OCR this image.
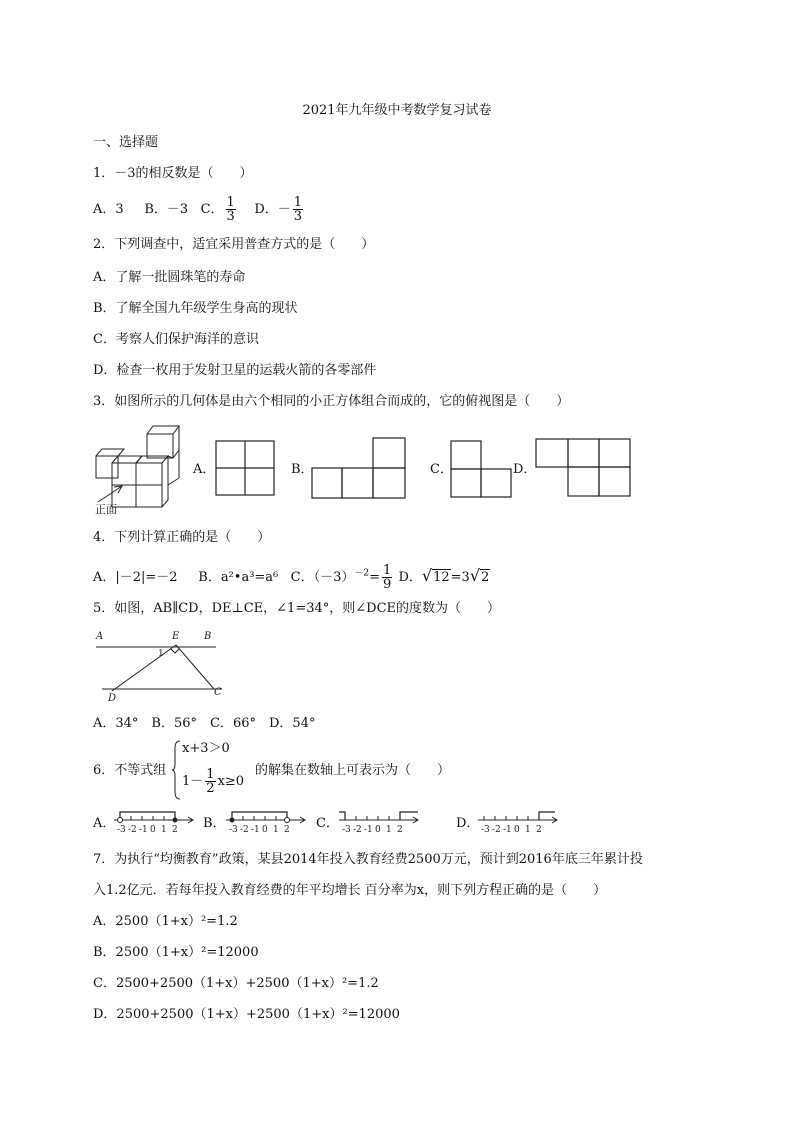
2021年九年级中考数学复习试卷
一、选择题
1．－3的相反数是（　　）
A．3 B．－3 C． $\frac{1}{3}$ D．－ $\frac{1}{3}$
2．下列调查中，适宜采用普查方式的是（　　）
A．了解一批圆珠笔的寿命
B．了解全国九年级学生身高的现状
C．考察人们保护海洋的意识
D．检查一枚用于发射卫星的运载火箭的各零部件
3．如图所示的几何体是由六个相同的小正方体组合而成的，它的俯视图是（　　）
正面
A．	B．	C．	D．
4．下列计算正确的是（　　）
A．|－2|=－2 B．a²•a³=a⁶ C．$(-3)^{-2}= \frac{1}{9}$ D．√12=3√2
5．如图，AB∥CD，DE⊥CE，∠1=34°，则∠DCE的度数为（　　）
A	E B
1
D
C
A．34°　B．56°　C．66°　D．54°
6．不等式组
x+3＞0
$1- \frac{1}{2} x\ge 0$
的解集在数轴上可表示为（　　）
A． -3 -2 -1 0 1 2 B． -3 -2 -1 0 1 2 C． -3 -2 -1 0 1 2	D． -3 -2 -1 0 1 2
7．为执行“均衡教育”政策，某县2014年投入教育经费2500万元，预计到2016年底三年累计投
入1.2亿元．若每年投入教育经费的年平均增长 百分率为x，则下列方程正确的是（　　）
A．2500（1+x）²=1.2
B．2500（1+x）²=12000
C．2500+2500（1+x）+2500（1+x）²=1.2
D．2500+2500（1+x）+2500（1+x）²=12000
